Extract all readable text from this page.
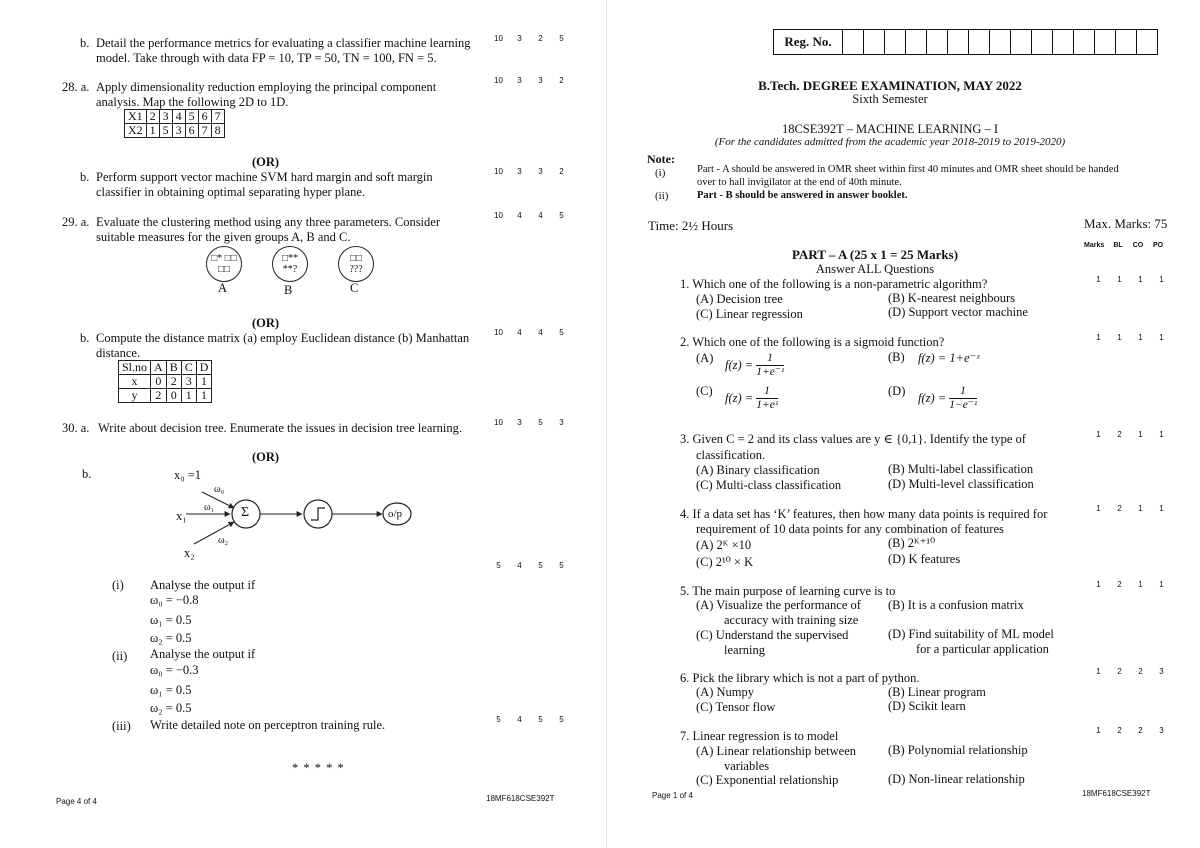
b. Detail the performance metrics for evaluating a classifier machine learning
model. Take through with data FP = 10, TP = 50, TN = 100, FN = 5.
10	3	2	5
28. a. Apply dimensionality reduction employing the principal component
analysis. Map the following 2D to 1D.
10	3	3	2
X1	2	3	4	5	6	7
X2	1	5	3	6	7	8
(OR)
b. Perform support vector machine SVM hard margin and soft margin
classifier in obtaining optimal separating hyper plane.
10	3	3	2
29. a. Evaluate the clustering method using any three parameters. Consider
suitable measures for the given groups A, B and C.
10	4	4	5
□* □□ □□
□** **?
□□ ???
A	B	C
(OR)
b. Compute the distance matrix (a) employ Euclidean distance (b) Manhattan
distance.
10	4	4	5
Sl.no	A	B	C	D
x	0	2	3	1
y	2	0	1	1
30. a. Write about decision tree. Enumerate the issues in decision tree learning.	10	3	5	3
(OR)
b.	x₀ =1
ω₀
ω₁
x₁
ω₂
x₂
Σ	o/p
5	4	5	5
(i) Analyse the output if
ω₀ = −0.8
ω₁ = 0.5
ω₂ = 0.5
(ii) Analyse the output if
ω₀ = −0.3
ω₁ = 0.5
ω₂ = 0.5
(iii) Write detailed note on perceptron training rule.	5	4	5	5
* * * * *
Page 4 of 4	18MF618CSE392T
Reg. No.
B.Tech. DEGREE EXAMINATION, MAY 2022
Sixth Semester
18CSE392T – MACHINE LEARNING – I
(For the candidates admitted from the academic year 2018-2019 to 2019-2020)
Note:
(i)	Part - A should be answered in OMR sheet within first 40 minutes and OMR sheet should be handed
over to hall invigilator at the end of 40th minute.
(ii)	Part - B should be answered in answer booklet.
Time: 2½ Hours	Max. Marks: 75
Marks	BL	CO	PO
PART – A (25 x 1 = 25 Marks)
Answer ALL Questions
1. Which one of the following is a non-parametric algorithm?	1	1	1	1
(A) Decision tree	(B) K-nearest neighbours
(C) Linear regression	(D) Support vector machine
2. Which one of the following is a sigmoid function?	1	1	1	1
(A) $f(z) = \frac{1}{\text{1+e⁻ᶻ}}$	(B) f(z) = 1+e⁻ᶻ
(C) $f(z) = \frac{1}{\text{1+eᶻ}}$	(D) $f(z) = \frac{1}{\text{1−e⁻ᶻ}}$
3. Given C = 2 and its class values are y ∈ {0,1}. Identify the type of
classification.
1	2	1	1
(A) Binary classification	(B) Multi-label classification
(C) Multi-class classification	(D) Multi-level classification
4. If a data set has ‘K’ features, then how many data points is required for
requirement of 10 data points for any combination of features
1	2	1	1
(A) 2ᴷ ×10	(B) 2ᴷ⁺¹⁰
(C) 2¹⁰ × K	(D) K features
5. The main purpose of learning curve is to	1	2	1	1
(A) Visualize the performance of
accuracy with training size
(B) It is a confusion matrix
(C) Understand the supervised
learning
(D) Find suitability of ML model
for a particular application
6. Pick the library which is not a part of python.	1	2	2	3
(A) Numpy	(B) Linear program
(C) Tensor flow	(D) Scikit learn
7. Linear regression is to model	1	2	2	3
(A) Linear relationship between
variables
(B) Polynomial relationship
(C) Exponential relationship	(D) Non-linear relationship
Page 1 of 4	18MF618CSE392T
